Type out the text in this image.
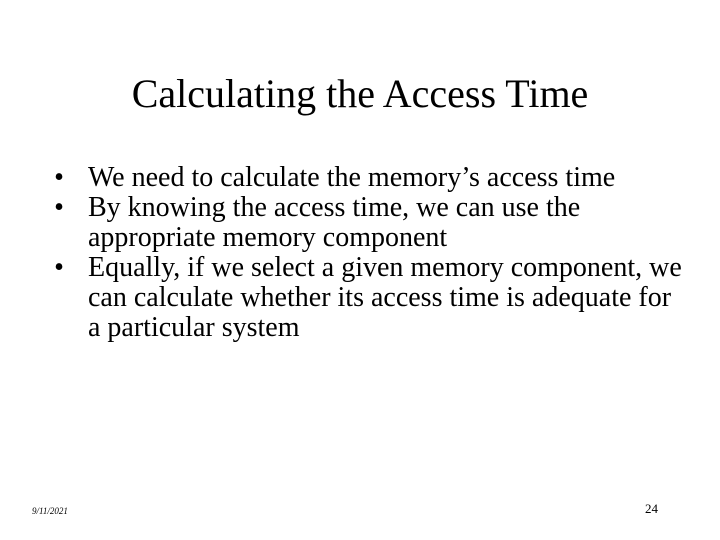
Calculating the Access Time
• We need to calculate the memory’s access time
• By knowing the access time, we can use the appropriate memory component
• Equally, if we select a given memory component, we can calculate whether its access time is adequate for a particular system
9/11/2021	24
